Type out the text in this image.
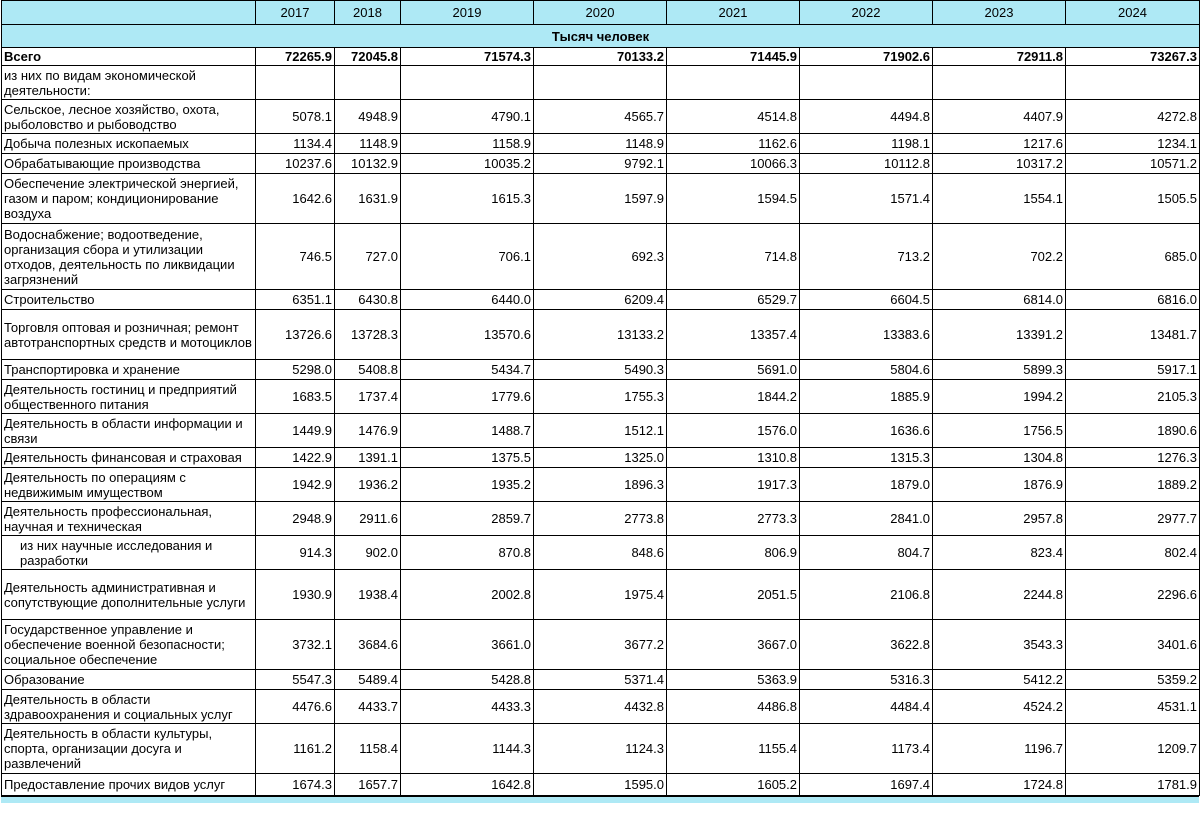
	2017	2018	2019	2020	2021	2022	2023	2024
Тысяч человек								
Всего	72265.9	72045.8	71574.3	70133.2	71445.9	71902.6	72911.8	73267.3
из них по видам экономической деятельности:								
Сельское, лесное хозяйство, охота, рыболовство и рыбоводство	5078.1	4948.9	4790.1	4565.7	4514.8	4494.8	4407.9	4272.8
Добыча полезных ископаемых	1134.4	1148.9	1158.9	1148.9	1162.6	1198.1	1217.6	1234.1
Обрабатывающие производства	10237.6	10132.9	10035.2	9792.1	10066.3	10112.8	10317.2	10571.2
Обеспечение электрической энергией, газом и паром; кондиционирование воздуха	1642.6	1631.9	1615.3	1597.9	1594.5	1571.4	1554.1	1505.5
Водоснабжение; водоотведение, организация сбора и утилизации отходов, деятельность по ликвидации загрязнений	746.5	727.0	706.1	692.3	714.8	713.2	702.2	685.0
Строительство	6351.1	6430.8	6440.0	6209.4	6529.7	6604.5	6814.0	6816.0
Торговля оптовая и розничная; ремонт автотранспортных средств и мотоциклов	13726.6	13728.3	13570.6	13133.2	13357.4	13383.6	13391.2	13481.7
Транспортировка и хранение	5298.0	5408.8	5434.7	5490.3	5691.0	5804.6	5899.3	5917.1
Деятельность гостиниц и предприятий общественного питания	1683.5	1737.4	1779.6	1755.3	1844.2	1885.9	1994.2	2105.3
Деятельность в области информации и связи	1449.9	1476.9	1488.7	1512.1	1576.0	1636.6	1756.5	1890.6
Деятельность финансовая и страховая	1422.9	1391.1	1375.5	1325.0	1310.8	1315.3	1304.8	1276.3
Деятельность по операциям с недвижимым имуществом	1942.9	1936.2	1935.2	1896.3	1917.3	1879.0	1876.9	1889.2
Деятельность профессиональная, научная и техническая	2948.9	2911.6	2859.7	2773.8	2773.3	2841.0	2957.8	2977.7
из них научные исследования и разработки	914.3	902.0	870.8	848.6	806.9	804.7	823.4	802.4
Деятельность административная и сопутствующие дополнительные услуги	1930.9	1938.4	2002.8	1975.4	2051.5	2106.8	2244.8	2296.6
Государственное управление и обеспечение военной безопасности; социальное обеспечение	3732.1	3684.6	3661.0	3677.2	3667.0	3622.8	3543.3	3401.6
Образование	5547.3	5489.4	5428.8	5371.4	5363.9	5316.3	5412.2	5359.2
Деятельность в области здравоохранения и социальных услуг	4476.6	4433.7	4433.3	4432.8	4486.8	4484.4	4524.2	4531.1
Деятельность в области культуры, спорта, организации досуга и развлечений	1161.2	1158.4	1144.3	1124.3	1155.4	1173.4	1196.7	1209.7
Предоставление прочих видов услуг	1674.3	1657.7	1642.8	1595.0	1605.2	1697.4	1724.8	1781.9
